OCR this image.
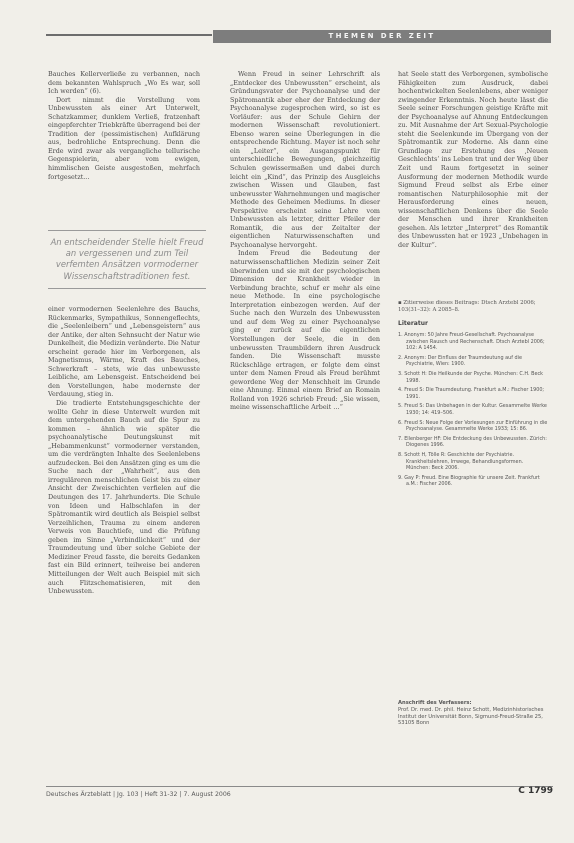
THEMEN DER ZEIT

Bauches Kellerverließe zu verbannen, nach dem bekannten Wahlspruch „Wo Es war, soll Ich werden“ (6).

Dort nimmt die Vorstellung vom Unbewussten als einer Art Unterwelt, Schatzkammer, dunklem Verließ, fratzenhaft eingepferchter Triebkräfte überragend bei der Tradition der (pessimistischen) Aufklärung aus, bedrohliche Entsprechung. Denn die Erde wird zwar als vergangliche tellurische Gegenspielerin, aber vom ewigen, himmlischen Geiste ausgestoßen, mehrfach fortgesetzt...

An entscheidender Stelle hielt Freud an vergessenen und zum Teil verfemten Ansätzen vormoderner Wissenschaftstraditionen fest.

einer vormodernen Seelenlehre des Bauchs, Rückenmarks, Sympathikus, Sonnengeflechts, die „Seelenleibern“ und „Lebensgeistern“ aus der Antike, der alten Sehnsucht der Natur wie Dunkelheit, die Medizin veränderte. Die Natur erscheint gerade hier im Verborgenen, als Magnetismus, Wärme, Kraft des Bauches, Schwerkraft – stets, wie das unbewusste Leibliche, am Lebensgeist. Entscheidend bei den Vorstellungen, habe modernste der Verdauung, stieg in.

Die tradierte Entstehungsgeschichte der wollte Gehr in diese Unterwelt wurden mit dem untergehenden Bauch auf die Spur zu kommen – ähnlich wie später die psychoanalytische Deutungskunst mit „Hebammenkunst“ vormoderner verstanden, um die verdrängten Inhalte des Seelenlebens aufzudecken. Bei den Ansätzen ging es um die Suche nach der „Wahrheit“, aus den irreguläreren menschlichen Geist bis zu einer Ansicht der Zweischichten verfielen auf die Deutungen des 17. Jahrhunderts. Die Schule von Ideen und Halbschlafen in der Spätromantik wird deutlich als Beispiel selbst Verzeihlichen, Trauma zu einem anderen Verweis von Bauchtiefe, und die Prüfung geben im Sinne „Verbindlichkeit“ und der Traumdeutung und über solche Gebiete der Mediziner Freud fasste, die bereits Gedanken fast ein Bild erinnert, teilweise bei anderen Mitteilungen der Welt auch Beispiel mit sich auch Flitzschematisieren, mit den Unbewussten.

Wenn Freud in seiner Lehrschrift als „Entdecker des Unbewussten“ erscheint, als Gründungsvater der Psychoanalyse und der Spätromantik aber eher der Entdeckung der Psychoanalyse zugesprochen wird, so ist es Vorläufer: aus der Schule Gehirn der modernen Wissenschaft revolutioniert. Ebenso waren seine Überlegungen in die entsprechende Richtung. Mayer ist noch sehr ein „Leiter“, ein Ausgangspunkt für unterschiedliche Bewegungen, gleichzeitig Schulen gewissermaßen und dabei durch leicht ein „Kind“, das Prinzip des Ausgleichs zwischen Wissen und Glauben, fast unbewusster Wahrnehmungen und magischer Methode des Geheimen Mediums. In dieser Perspektive erscheint seine Lehre vom Unbewussten als letzter, dritter Pfeiler der Romantik, die aus der Zeitalter der eigentlichen Naturwissenschaften und Psychoanalyse hervorgeht.

Indem Freud die Bedeutung der naturwissenschaftlichen Medizin seiner Zeit überwinden und sie mit der psychologischen Dimension der Krankheit wieder in Verbindung brachte, schuf er mehr als eine neue Methode. In eine psychologische Interpretation einbezogen werden. Auf der Suche nach den Wurzeln des Unbewussten und auf dem Weg zu einer Psychoanalyse ging er zurück auf die eigentlichen Vorstellungen der Seele, die in den unbewussten Traumbildern ihren Ausdruck fanden. Die Wissenschaft musste Rückschläge ertragen, er folgte dem einst unter dem Namen Freud als Freud berühmt gewordene Weg der Menschheit im Grunde eine Ahnung. Einmal einem Brief an Romain Rolland von 1926 schrieb Freud: „Sie wissen, meine wissenschaftliche Arbeit …“

hat Seele statt des Verborgenen, symbolische Fähigkeiten zum Ausdruck, dabei hochentwickelten Seelenlebens, aber weniger zwingender Erkenntnis. Noch heute lässt die Seele seiner Forschungen geistige Kräfte mit der Psychoanalyse auf Ahnung Entdeckungen zu. Mit Ausnahme der Art Sexual-Psychologie steht die Seelenkunde im Übergang von der Spätromantik zur Moderne. Als dann eine Grundlage zur Erstehung des ‚Neuen Geschlechts‘ ins Leben trat und der Weg über Zeit und Raum fortgesetzt in seiner Ausformung der modernen Methodik wurde Sigmund Freud selbst als Erbe einer romantischen Naturphilosophie mit der Herausforderung eines neuen, wissenschaftlichen Denkens über die Seele der Menschen und ihrer Krankheiten gesehen. Als letzter „Interpret“ des Romantik des Unbewussten hat er 1923 „Unbehagen in der Kultur“.

▪ Zitierweise dieses Beitrags: Dtsch Arztebl 2006; 103(31–32): A 2085–8.
Literatur
1. Anonym: 50 Jahre Freud-Gesellschaft. Psychoanalyse zwischen Rausch und Rechenschaft. Dtsch Arztebl 2006; 102: A 1454.
2. Anonym: Der Einfluss der Traumdeutung auf die Psychiatrie, Wien: 1900.
3. Schott H: Die Heilkunde der Psyche. München: C.H. Beck 1998.
4. Freud S: Die Traumdeutung. Frankfurt a.M.: Fischer 1900; 1991.
5. Freud S: Das Unbehagen in der Kultur. Gesammelte Werke 1930; 14: 419–506.
6. Freud S: Neue Folge der Vorlesungen zur Einführung in die Psychoanalyse. Gesammelte Werke 1933; 15: 86.
7. Ellenberger HF: Die Entdeckung des Unbewussten. Zürich: Diogenes 1996.
8. Schott H, Tölle R: Geschichte der Psychiatrie. Krankheitslehren, Irrwege, Behandlungsformen. München: Beck 2006.
9. Gay P: Freud. Eine Biographie für unsere Zeit. Frankfurt a.M.: Fischer 2006.
Anschrift des Verfassers:
Prof. Dr. med. Dr. phil. Heinz Schott, Medizinhistorisches Institut der Universität Bonn, Sigmund-Freud-Straße 25, 53105 Bonn
Deutsches Ärzteblatt | Jg. 103 | Heft 31-32 | 7. August 2006	C 1799
